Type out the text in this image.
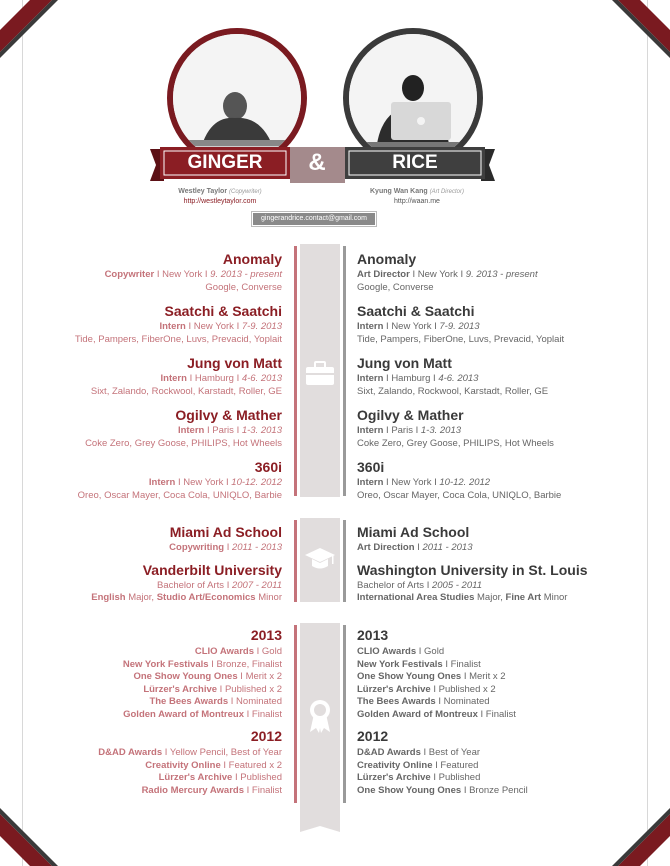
GINGER	&	RICE
Westley Taylor (Copywriter)
http://westleytaylor.com
Kyung Wan Kang (Art Director)
http://waan.me
gingerandrice.contact@gmail.com
Anomaly
Copywriter I New York I 9. 2013 - present
Google, Converse
Saatchi & Saatchi
Intern I New York I 7-9. 2013
Tide, Pampers, FiberOne, Luvs, Prevacid, Yoplait
Jung von Matt
Intern I Hamburg I 4-6. 2013
Sixt, Zalando, Rockwool, Karstadt, Roller, GE
Ogilvy & Mather
Intern I Paris I 1-3. 2013
Coke Zero, Grey Goose, PHILIPS, Hot Wheels
360i
Intern I New York I 10-12. 2012
Oreo, Oscar Mayer, Coca Cola, UNIQLO, Barbie
Anomaly
Art Director I New York I 9. 2013 - present
Google, Converse
Saatchi & Saatchi
Intern I New York I 7-9. 2013
Tide, Pampers, FiberOne, Luvs, Prevacid, Yoplait
Jung von Matt
Intern I Hamburg I 4-6. 2013
Sixt, Zalando, Rockwool, Karstadt, Roller, GE
Ogilvy & Mather
Intern I Paris I 1-3. 2013
Coke Zero, Grey Goose, PHILIPS, Hot Wheels
360i
Intern I New York I 10-12. 2012
Oreo, Oscar Mayer, Coca Cola, UNIQLO, Barbie
Miami Ad School
Copywriting I 2011 - 2013
Vanderbilt University
Bachelor of Arts I 2007 - 2011
English Major, Studio Art/Economics Minor
Miami Ad School
Art Direction I 2011 - 2013
Washington University in St. Louis
Bachelor of Arts I 2005 - 2011
International Area Studies Major, Fine Art Minor
2013
CLIO Awards I Gold
New York Festivals I Bronze, Finalist
One Show Young Ones I Merit x 2
Lürzer's Archive I Published x 2
The Bees Awards I Nominated
Golden Award of Montreux I Finalist
2012
D&AD Awards I Yellow Pencil, Best of Year
Creativity Online I Featured x 2
Lürzer's Archive I Published
Radio Mercury Awards I Finalist
2013
CLIO Awards I Gold
New York Festivals I Finalist
One Show Young Ones I Merit x 2
Lürzer's Archive I Published x 2
The Bees Awards I Nominated
Golden Award of Montreux I Finalist
2012
D&AD Awards I Best of Year
Creativity Online I Featured
Lürzer's Archive I Published
One Show Young Ones I Bronze Pencil
